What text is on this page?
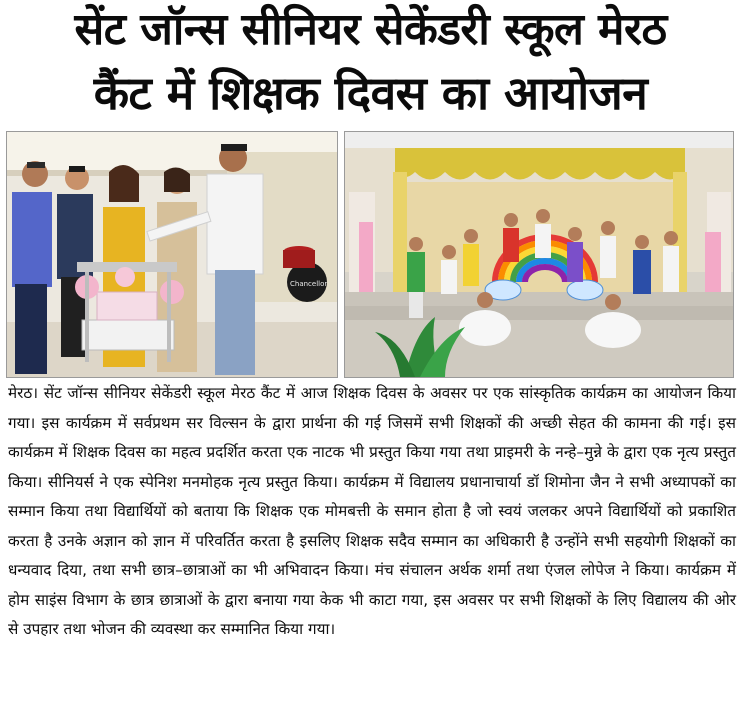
सेंट जॉन्स सीनियर सेकेंडरी स्कूल मेरठ
कैंट में शिक्षक दिवस का आयोजन
Chancellor

मेरठ। सेंट जॉन्स सीनियर सेकेंडरी स्कूल मेरठ कैंट में आज शिक्षक दिवस के अवसर पर एक सांस्कृतिक कार्यक्रम का आयोजन किया गया। इस कार्यक्रम में सर्वप्रथम सर विल्सन के द्वारा प्रार्थना की गई जिसमें सभी शिक्षकों की अच्छी सेहत की कामना की गई। इस कार्यक्रम में शिक्षक दिवस का महत्व प्रदर्शित करता एक नाटक भी प्रस्तुत किया गया तथा प्राइमरी के नन्हे–मुन्ने के द्वारा एक नृत्य प्रस्तुत किया। सीनियर्स ने एक स्पेनिश मनमोहक नृत्य प्रस्तुत किया। कार्यक्रम में विद्यालय प्रधानाचार्या डॉ शिमोना जैन ने सभी अध्यापकों का सम्मान किया तथा विद्यार्थियों को बताया कि शिक्षक एक मोमबत्ती के समान होता है जो स्वयं जलकर अपने विद्यार्थियों को प्रकाशित करता है उनके अज्ञान को ज्ञान में परिवर्तित करता है इसलिए शिक्षक सदैव सम्मान का अधिकारी है उन्होंने सभी सहयोगी शिक्षकों का धन्यवाद दिया, तथा सभी छात्र–छात्राओं का भी अभिवादन किया। मंच संचालन अर्थक शर्मा तथा एंजल लोपेज ने किया। कार्यक्रम में होम साइंस विभाग के छात्र छात्राओं के द्वारा बनाया गया केक भी काटा गया, इस अवसर पर सभी शिक्षकों के लिए विद्यालय की ओर से उपहार तथा भोजन की व्यवस्था कर सम्मानित किया गया।
